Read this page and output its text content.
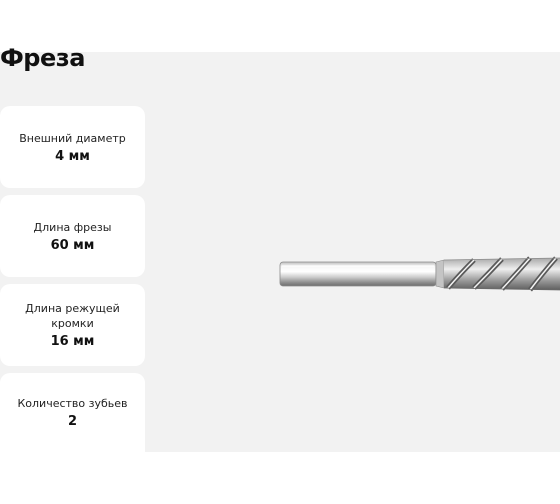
Фреза
Внешний диаметр
4 мм
Длина фрезы
60 мм
Длина режущей кромки
16 мм
Количество зубьев
2
